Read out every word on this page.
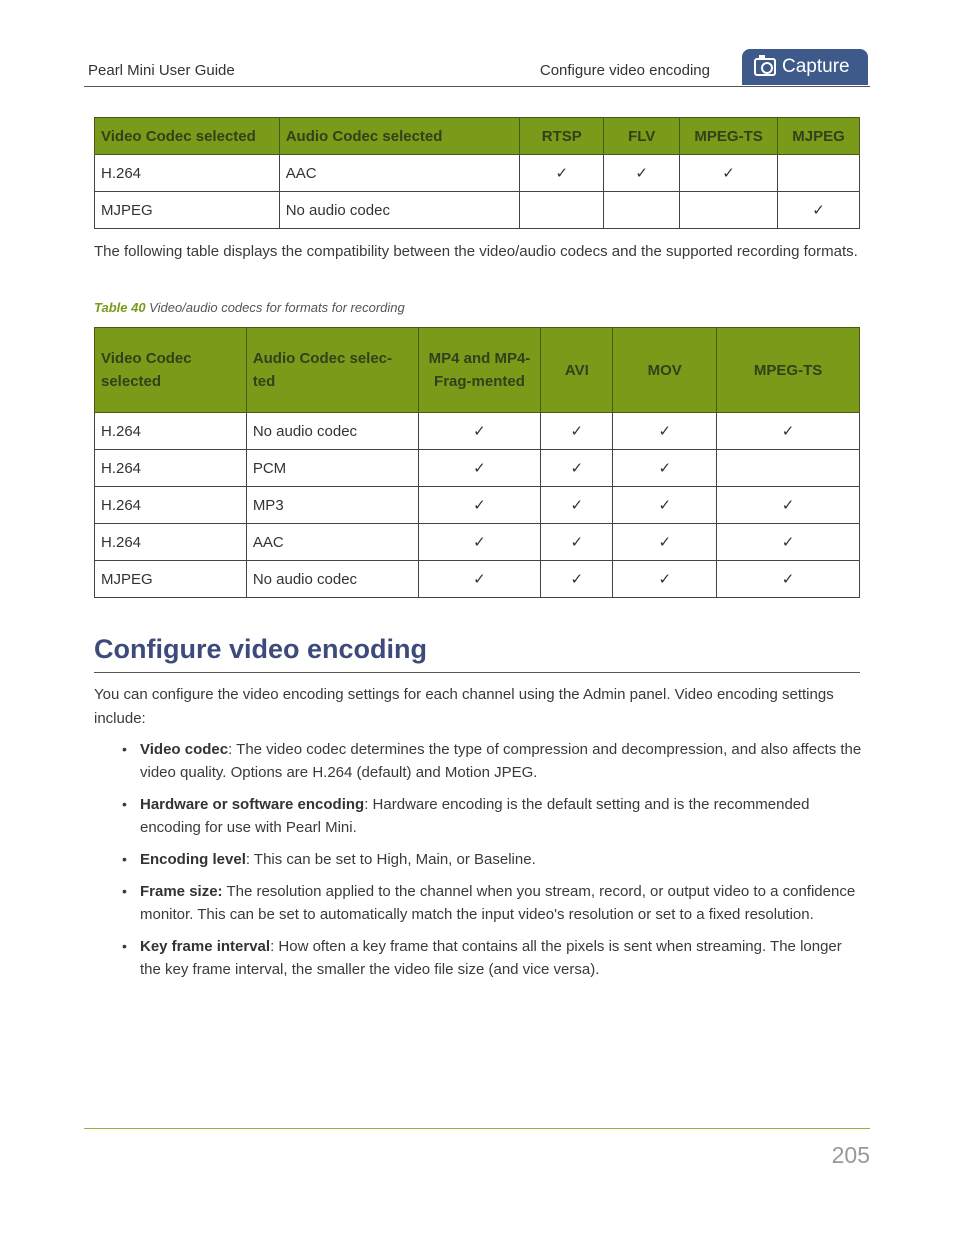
Pearl Mini User Guide	Configure video encoding	Capture
Video Codec selected	Audio Codec selected	RTSP	FLV	MPEG-TS	MJPEG
H.264	AAC	✓	✓	✓	
MJPEG	No audio codec				✓

The following table displays the compatibility between the video/audio codecs and the supported recording formats.

Table 40 Video/audio codecs for formats for recording
Video Codec selected	Audio Codec selec-ted	MP4 and MP4-Frag-mented	AVI	MOV	MPEG-TS
H.264	No audio codec	✓	✓	✓	✓
H.264	PCM	✓	✓	✓	
H.264	MP3	✓	✓	✓	✓
H.264	AAC	✓	✓	✓	✓
MJPEG	No audio codec	✓	✓	✓	✓
Configure video encoding

You can configure the video encoding settings for each channel using the Admin panel. Video encoding settings include:

• Video codec: The video codec determines the type of compression and decompression, and also affects the video quality. Options are H.264 (default) and Motion JPEG.
• Hardware or software encoding: Hardware encoding is the default setting and is the recommended encoding for use with Pearl Mini.
• Encoding level: This can be set to High, Main, or Baseline.
• Frame size: The resolution applied to the channel when you stream, record, or output video to a confidence monitor. This can be set to automatically match the input video's resolution or set to a fixed resolution.
• Key frame interval: How often a key frame that contains all the pixels is sent when streaming. The longer the key frame interval, the smaller the video file size (and vice versa).
205
